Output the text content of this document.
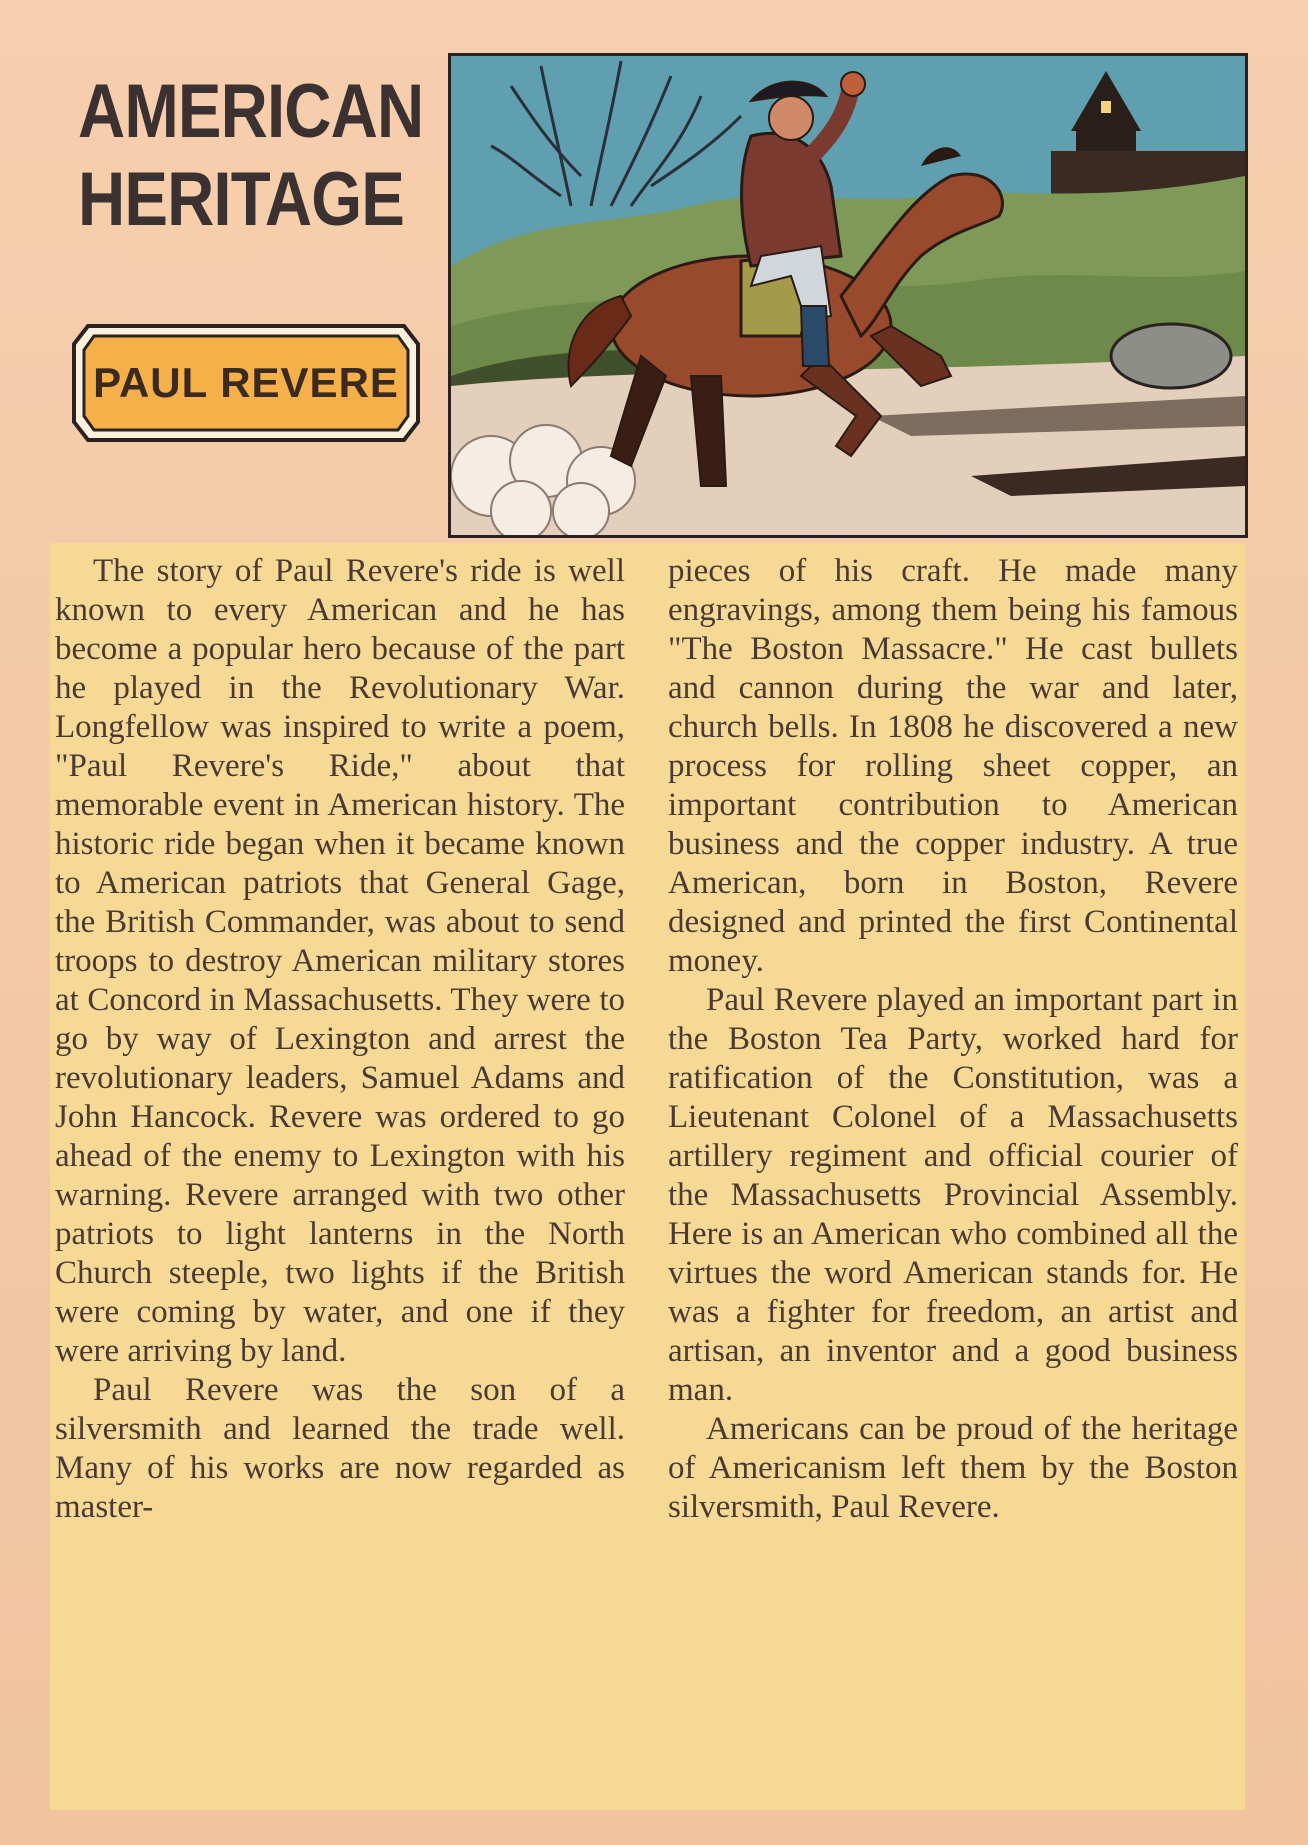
AMERICAN
HERITAGE
PAUL REVERE

The story of Paul Revere's ride is well known to every American and he has become a popular hero because of the part he played in the Revolutionary War. Longfellow was inspired to write a poem, "Paul Revere's Ride," about that memorable event in American history. The historic ride began when it became known to American patriots that General Gage, the British Commander, was about to send troops to destroy American military stores at Concord in Massachusetts. They were to go by way of Lexington and arrest the revolutionary leaders, Samuel Adams and John Hancock. Revere was ordered to go ahead of the enemy to Lexington with his warning. Revere arranged with two other patriots to light lanterns in the North Church steeple, two lights if the British were coming by water, and one if they were arriving by land.

Paul Revere was the son of a silversmith and learned the trade well. Many of his works are now regarded as master-

pieces of his craft. He made many engravings, among them being his famous "The Boston Massacre." He cast bullets and cannon during the war and later, church bells. In 1808 he discovered a new process for rolling sheet copper, an important contribution to American business and the copper industry. A true American, born in Boston, Revere designed and printed the first Continental money.

Paul Revere played an important part in the Boston Tea Party, worked hard for ratification of the Constitution, was a Lieutenant Colonel of a Massachusetts artillery regiment and official courier of the Massachusetts Provincial Assembly. Here is an American who combined all the virtues the word American stands for. He was a fighter for freedom, an artist and artisan, an inventor and a good business man.

Americans can be proud of the heritage of Americanism left them by the Boston silversmith, Paul Revere.
